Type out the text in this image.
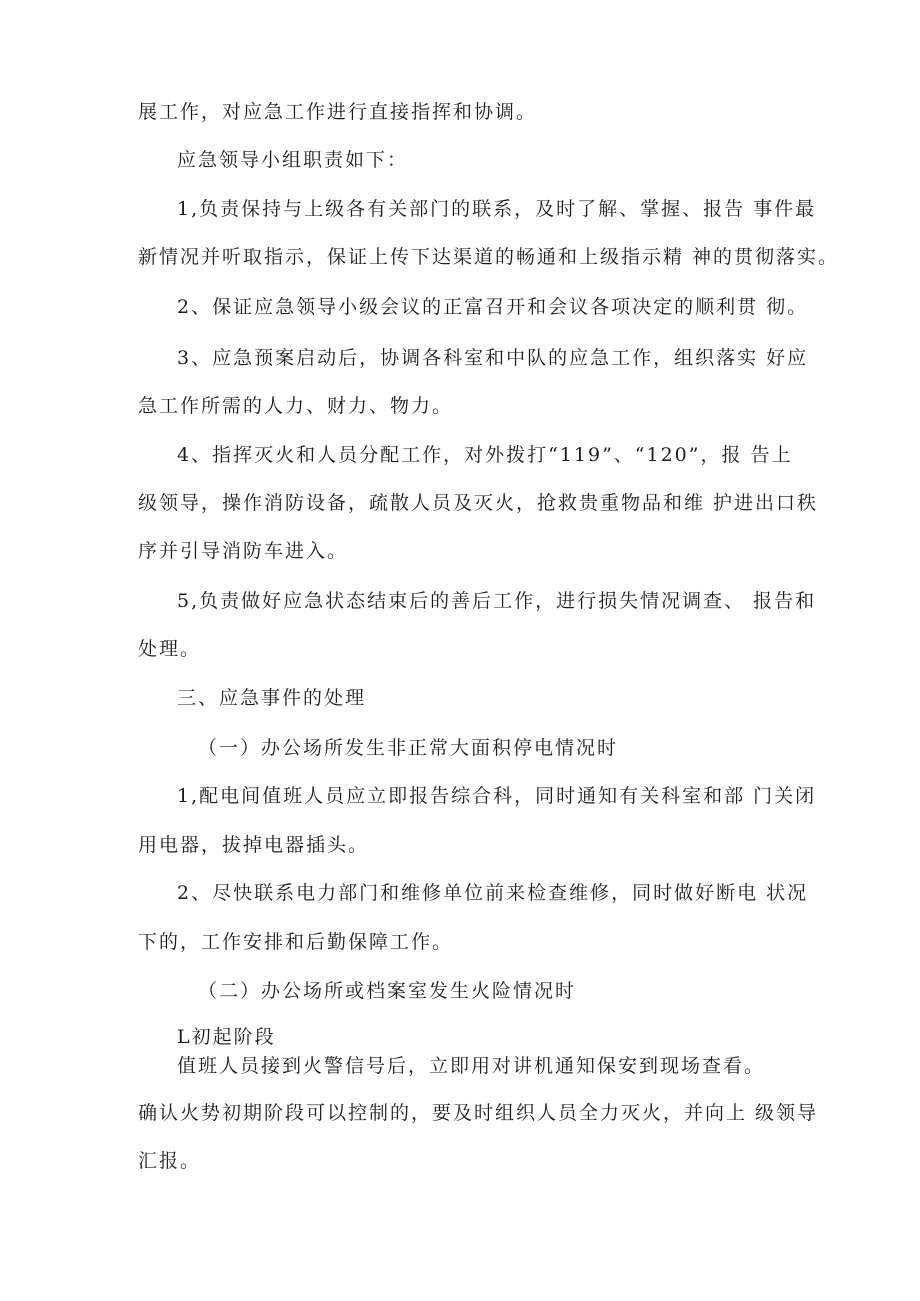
展工作，对应急工作进行直接指挥和协调。
应急领导小组职责如下：
1,负责保持与上级各有关部门的联系，及时了解、掌握、报告 事件最
新情况并听取指示，保证上传下达渠道的畅通和上级指示精 神的贯彻落实。
2、保证应急领导小级会议的正富召开和会议各项决定的顺利贯 彻。
3、应急预案启动后，协调各科室和中队的应急工作，组织落实 好应
急工作所需的人力、财力、物力。
4、指挥灭火和人员分配工作，对外拨打“119”、“120”，报 告上
级领导，操作消防设备，疏散人员及灭火，抢救贵重物品和维 护进出口秩
序并引导消防车进入。
5,负责做好应急状态结束后的善后工作，进行损失情况调查、 报告和
处理。
三、应急事件的处理
（一）办公场所发生非正常大面积停电情况时
1,配电间值班人员应立即报告综合科，同时通知有关科室和部 门关闭
用电器，拔掉电器插头。
2、尽快联系电力部门和维修单位前来检查维修，同时做好断电 状况
下的，工作安排和后勤保障工作。
（二）办公场所或档案室发生火险情况时
L初起阶段
值班人员接到火警信号后，立即用对讲机通知保安到现场查看。
确认火势初期阶段可以控制的，要及时组织人员全力灭火，并向上 级领导
汇报。
